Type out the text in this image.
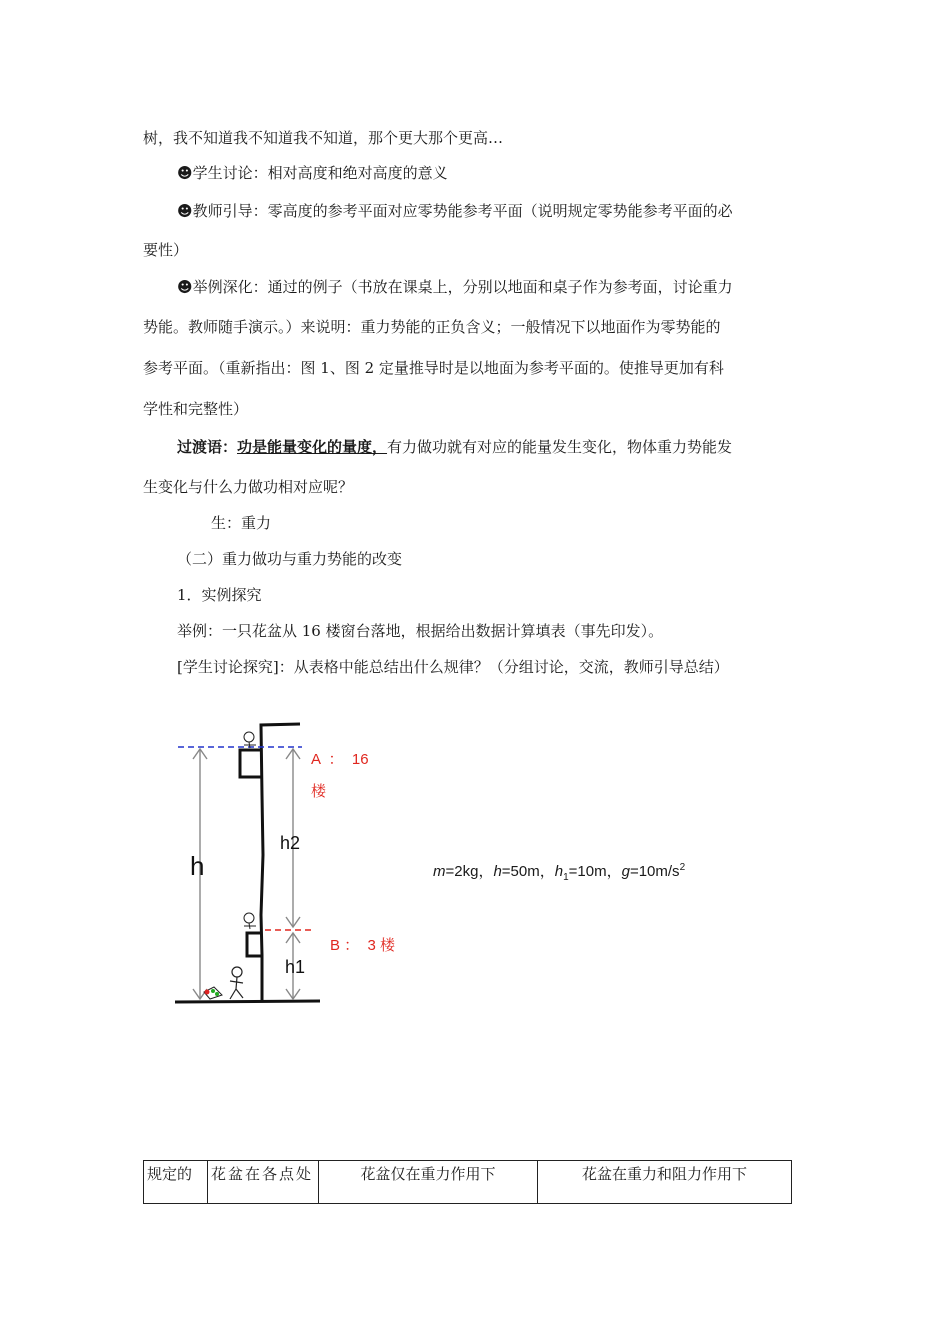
树，我不知道我不知道我不知道，那个更大那个更高…
☻学生讨论：相对高度和绝对高度的意义
☻教师引导：零高度的参考平面对应零势能参考平面（说明规定零势能参考平面的必
要性）
☻举例深化：通过的例子（书放在课桌上，分别以地面和桌子作为参考面，讨论重力
势能。教师随手演示。）来说明：重力势能的正负含义；一般情况下以地面作为零势能的
参考平面。（重新指出：图 1、图 2 定量推导时是以地面为参考平面的。使推导更加有科
学性和完整性）
过渡语：功是能量变化的量度，有力做功就有对应的能量发生变化，物体重力势能发
生变化与什么力做功相对应呢？
生：重力
（二）重力做功与重力势能的改变
1．实例探究
举例：一只花盆从 16 楼窗台落地，根据给出数据计算填表（事先印发）。
[学生讨论探究]：从表格中能总结出什么规律？（分组讨论，交流，教师引导总结）
h
h2
h1
A  ：  16
楼
B ：  3 楼
m=2kg，h=50m，$h_1=10m$，$g=10m/s^2$
规定的	花盆在各点处	花盆仅在重力作用下	花盆在重力和阻力作用下
